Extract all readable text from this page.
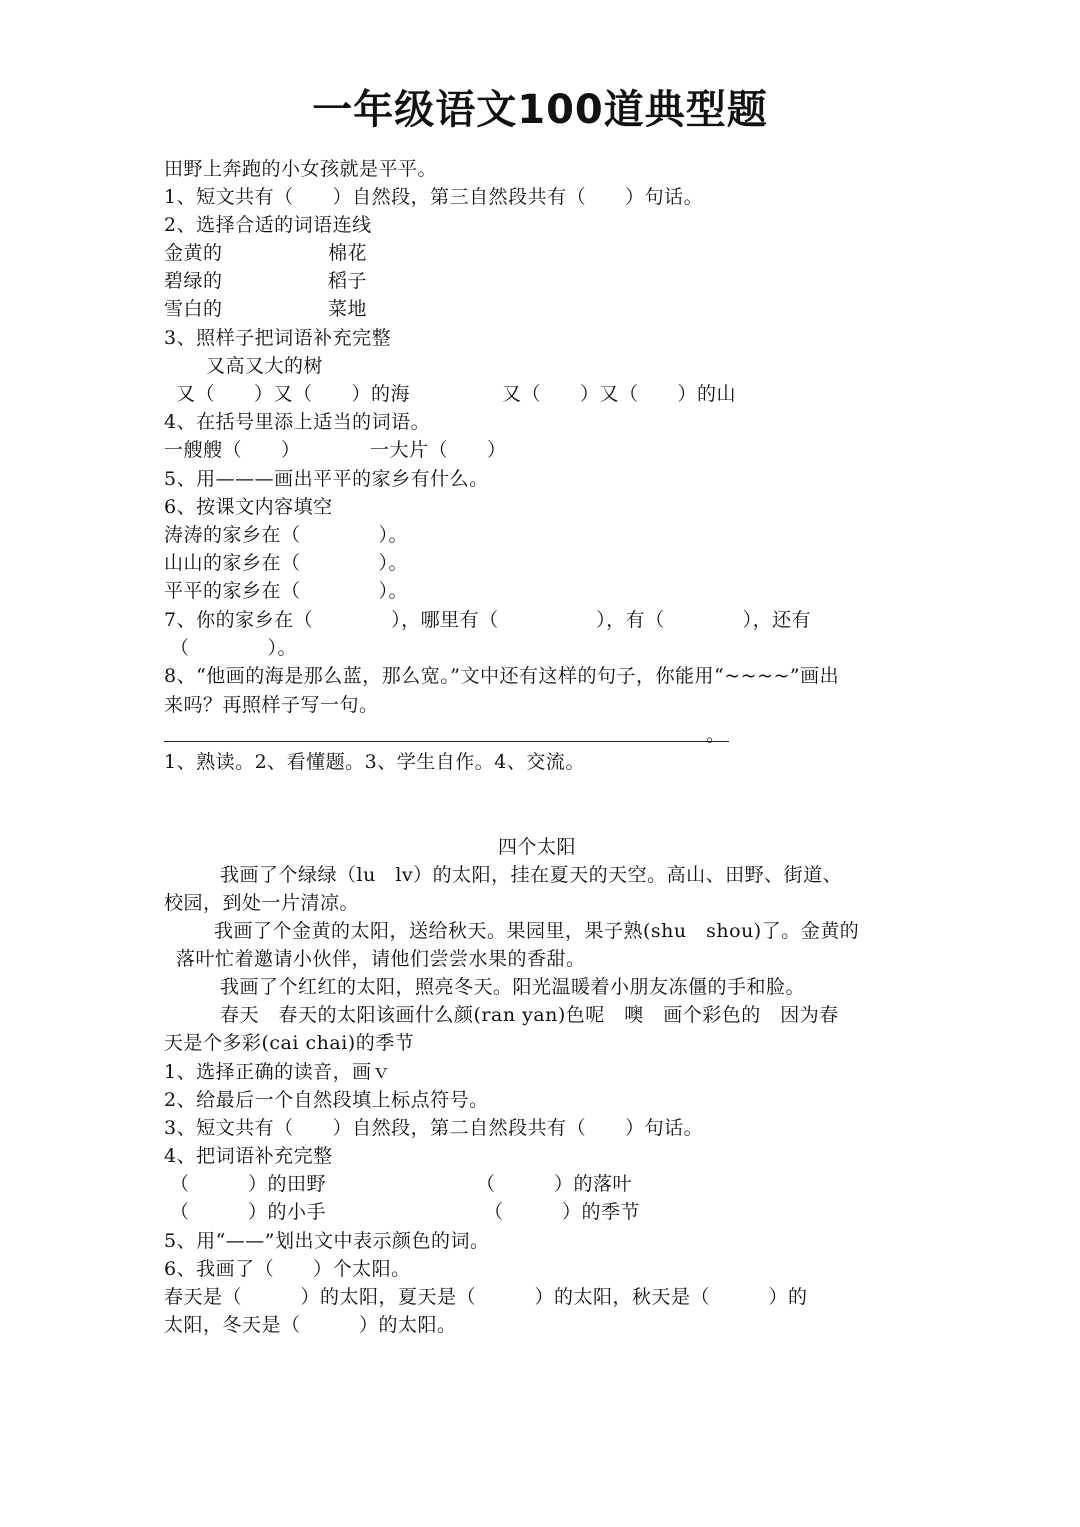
一年级语文100道典型题
田野上奔跑的小女孩就是平平。
1、短文共有（　　）自然段，第三自然段共有（　　）句话。
2、选择合适的词语连线
金黄的	棉花
碧绿的	稻子
雪白的	菜地
3、照样子把词语补充完整
又高又大的树
又（　　）又（　　）的海	又（　　）又（　　）的山
4、在括号里添上适当的词语。
一艘艘（　　）	一大片（　　）
5、用———画出平平的家乡有什么。
6、按课文内容填空
涛涛的家乡在（　　　　）。
山山的家乡在（　　　　）。
平平的家乡在（　　　　）。
7、你的家乡在（　　　　），哪里有（　　　　　），有（　　　　），还有
（　　　　）。
8、“他画的海是那么蓝，那么宽。”文中还有这样的句子，你能用“~~~~”画出
来吗？再照样子写一句。
。
1、熟读。2、看懂题。3、学生自作。4、交流。
四个太阳
我画了个绿绿（lu　lv）的太阳，挂在夏天的天空。高山、田野、街道、
校园，到处一片清凉。
我画了个金黄的太阳，送给秋天。果园里，果子熟(shu　shou)了。金黄的
落叶忙着邀请小伙伴，请他们尝尝水果的香甜。
我画了个红红的太阳，照亮冬天。阳光温暖着小朋友冻僵的手和脸。
春天　春天的太阳该画什么颜(ran yan)色呢　噢　画个彩色的　因为春
天是个多彩(cai chai)的季节
1、选择正确的读音，画ｖ
2、给最后一个自然段填上标点符号。
3、短文共有（　　）自然段，第二自然段共有（　　）句话。
4、把词语补充完整
（　　　）的田野	（　　　）的落叶
（　　　）的小手	（　　　）的季节
5、用“——”划出文中表示颜色的词。
6、我画了（　　）个太阳。
春天是（　　　）的太阳，夏天是（　　　）的太阳，秋天是（　　　）的
太阳，冬天是（　　　）的太阳。
